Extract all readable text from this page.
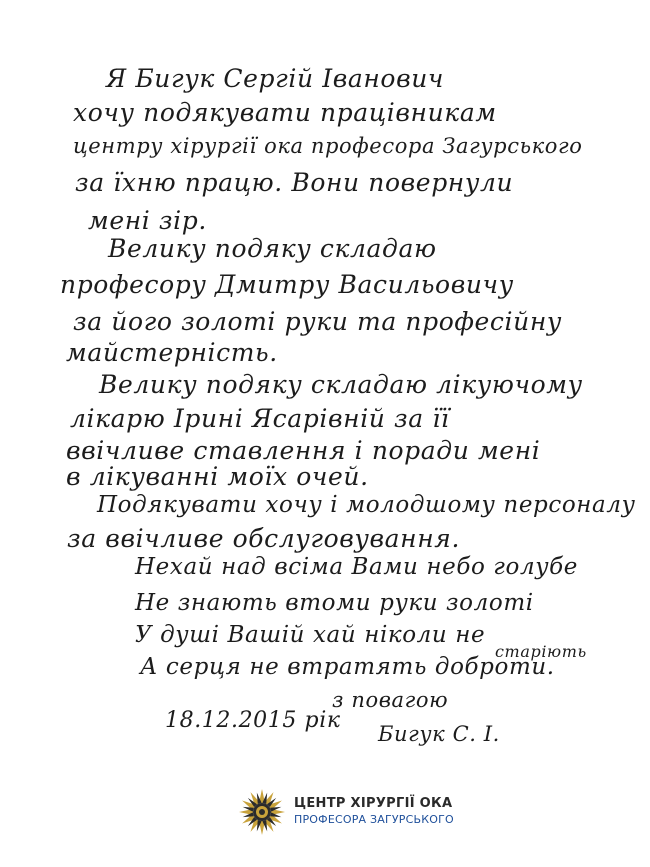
Я Бигук Сергій Іванович
хочу подякувати працівникам
центру хірургії ока професора Загурського
за їхню працю. Вони повернули
мені зір.
Велику подяку складаю
професору Дмитру Васильовичу
за його золоті руки та професійну
майстерність.
Велику подяку складаю лікуючому
лікарю Ірині Ясарівній за її
ввічливе ставлення і поради мені
в лікуванні моїх очей.
Подякувати хочу і молодшому персоналу
за ввічливе обслуговування.
Нехай над всіма Вами небо голубе
Не знають втоми руки золоті
У душі Вашій хай ніколи не
А серця не втратять доброти.
старіють
з повагою
18.12.2015 рік
Бигук С. І.
ЦЕНТР ХІРУРГІЇ ОКА
ПРОФЕСОРА ЗАГУРСЬКОГО
